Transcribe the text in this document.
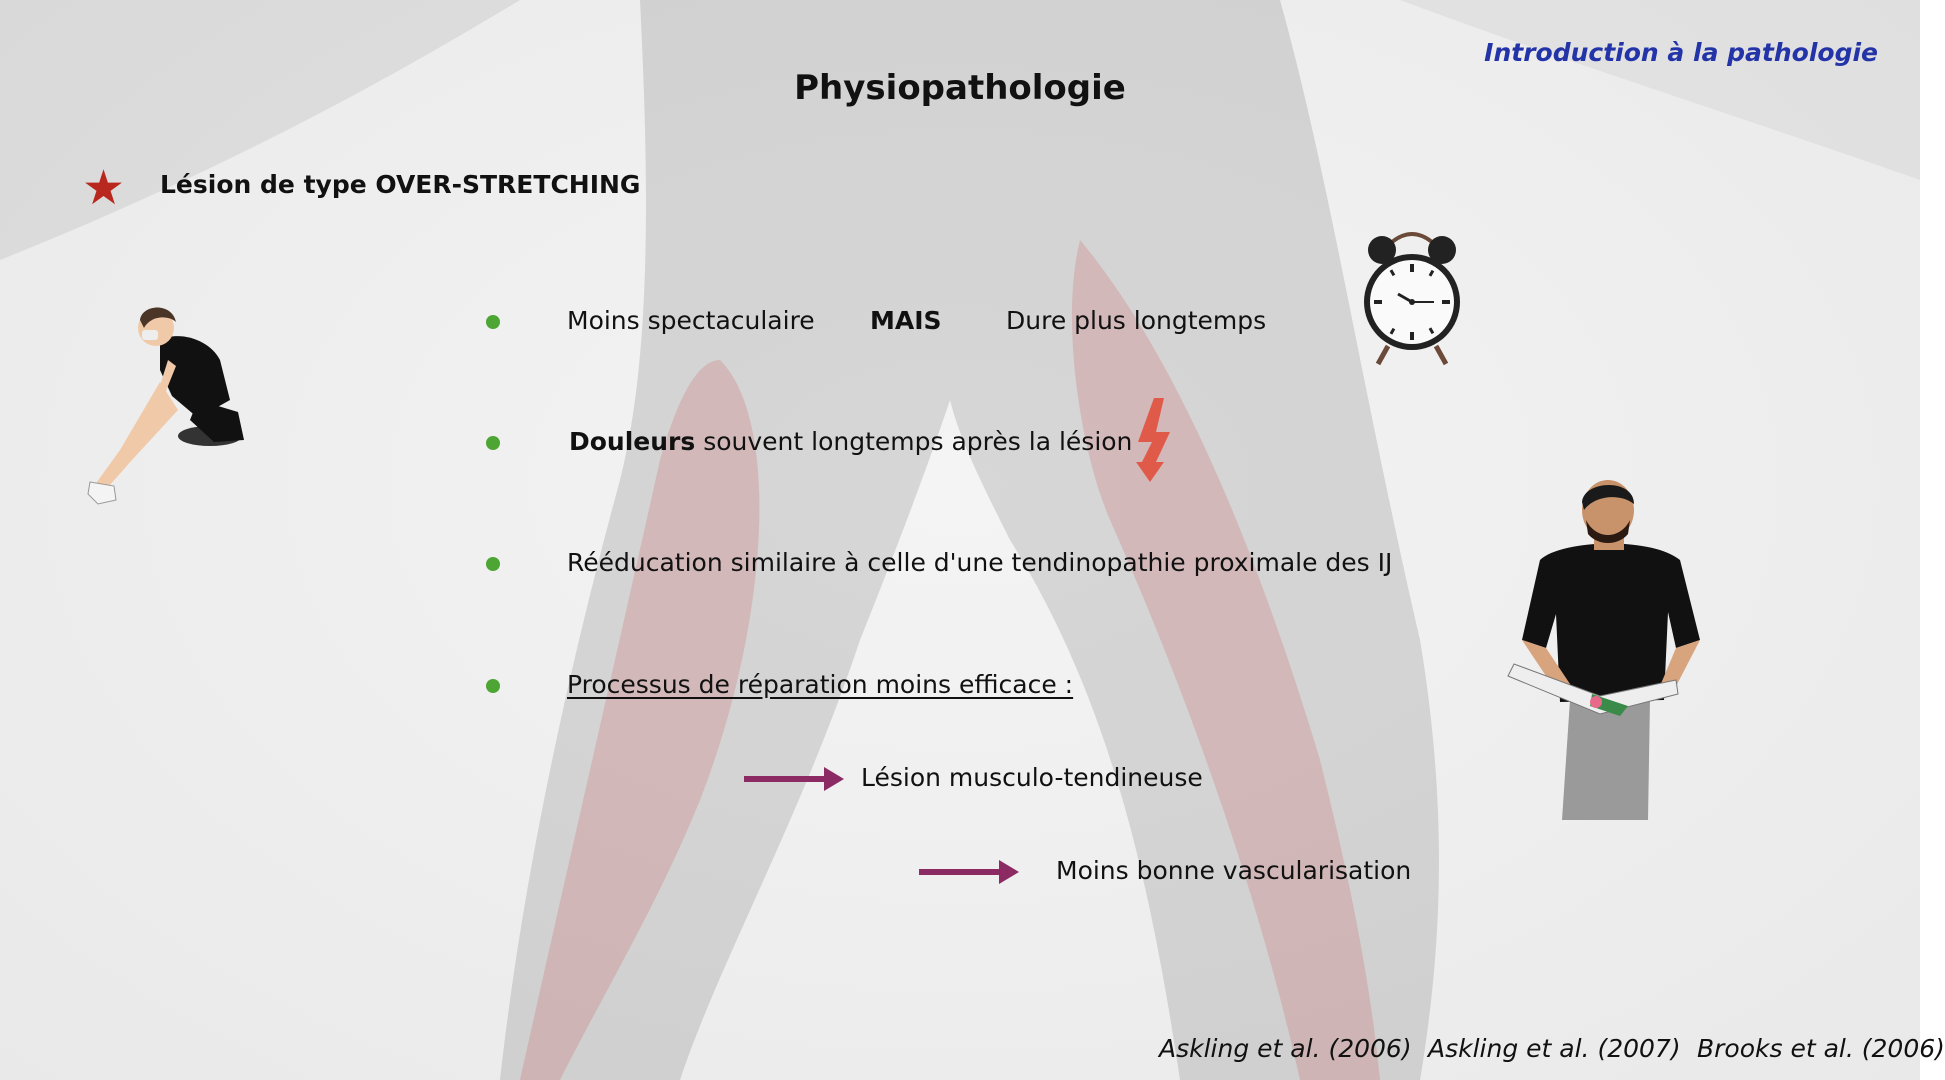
Introduction à la pathologie
Physiopathologie
★ Lésion de type OVER-STRETCHING
Moins spectaculaire MAIS	Dure plus longtemps
Douleurs souvent longtemps après la lésion
Rééducation similaire à celle d'une tendinopathie proximale des IJ
Processus de réparation moins efficace :
Lésion musculo-tendineuse
Moins bonne vascularisation
Askling et al. (2006) Askling et al. (2007) Brooks et al. (2006)
